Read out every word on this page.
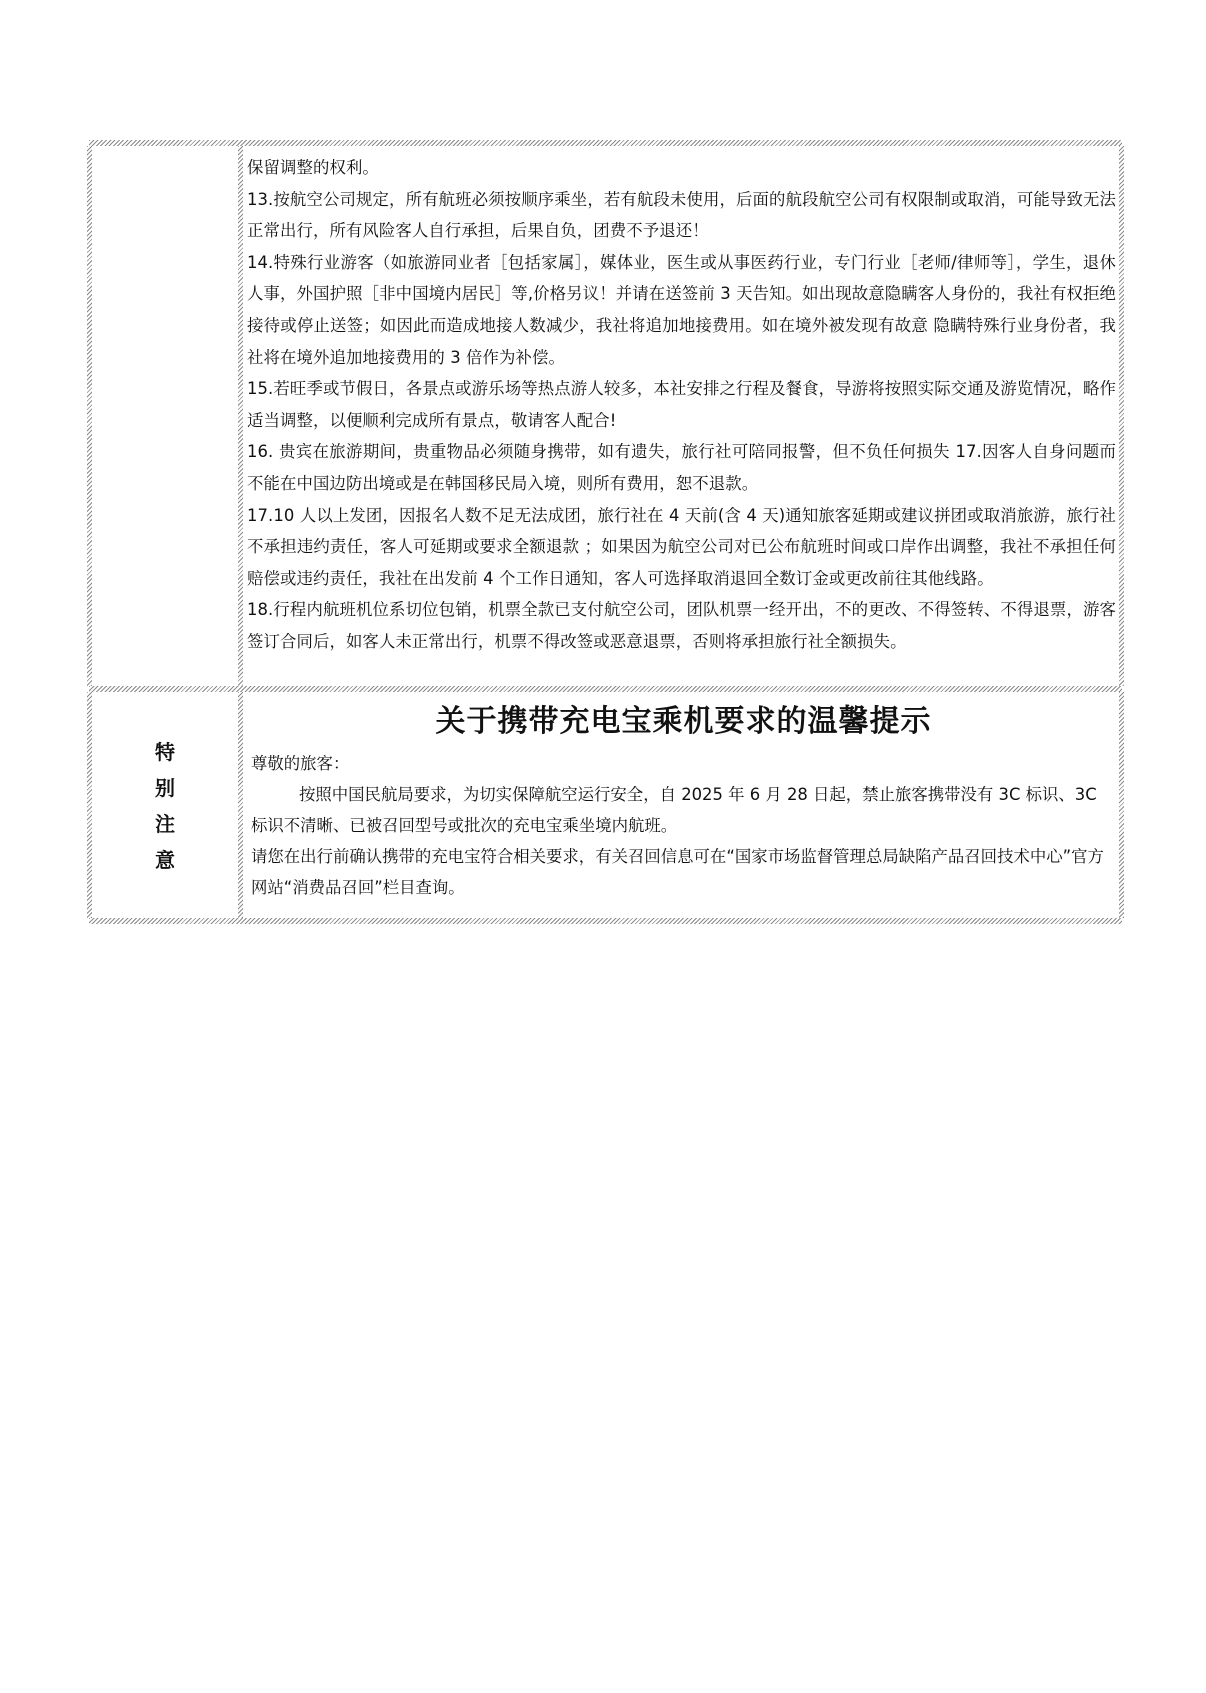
保留调整的权利。

13.按航空公司规定，所有航班必须按顺序乘坐，若有航段未使用，后面的航段航空公司有权限制或取消，可能导致无法正常出行，所有风险客人自行承担，后果自负，团费不予退还！

14.特殊行业游客（如旅游同业者［包括家属］，媒体业，医生或从事医药行业，专门行业［老师/律师等］，学生，退休人事，外国护照［非中国境内居民］等,价格另议！并请在送签前 3 天告知。如出现故意隐瞒客人身份的，我社有权拒绝接待或停止送签；如因此而造成地接人数减少，我社将追加地接费用。如在境外被发现有故意 隐瞒特殊行业身份者，我社将在境外追加地接费用的 3 倍作为补偿。

15.若旺季或节假日，各景点或游乐场等热点游人较多，本社安排之行程及餐食，导游将按照实际交通及游览情况，略作适当调整，以便顺利完成所有景点，敬请客人配合!

16. 贵宾在旅游期间，贵重物品必须随身携带，如有遗失，旅行社可陪同报警，但不负任何损失 17.因客人自身问题而不能在中国边防出境或是在韩国移民局入境，则所有费用，恕不退款。

17.10 人以上发团，因报名人数不足无法成团，旅行社在 4 天前(含 4 天)通知旅客延期或建议拼团或取消旅游，旅行社不承担违约责任，客人可延期或要求全额退款 ；如果因为航空公司对已公布航班时间或口岸作出调整，我社不承担任何赔偿或违约责任，我社在出发前 4 个工作日通知，客人可选择取消退回全数订金或更改前往其他线路。

18.行程内航班机位系切位包销，机票全款已支付航空公司，团队机票一经开出，不的更改、不得签转、不得退票，游客签订合同后，如客人未正常出行，机票不得改签或恶意退票，否则将承担旅行社全额损失。

特
别
注
意
关于携带充电宝乘机要求的温馨提示

尊敬的旅客：

按照中国民航局要求，为切实保障航空运行安全，自 2025 年 6 月 28 日起，禁止旅客携带没有 3C 标识、3C 标识不清晰、已被召回型号或批次的充电宝乘坐境内航班。

请您在出行前确认携带的充电宝符合相关要求，有关召回信息可在“国家市场监督管理总局缺陷产品召回技术中心”官方网站“消费品召回”栏目查询。
